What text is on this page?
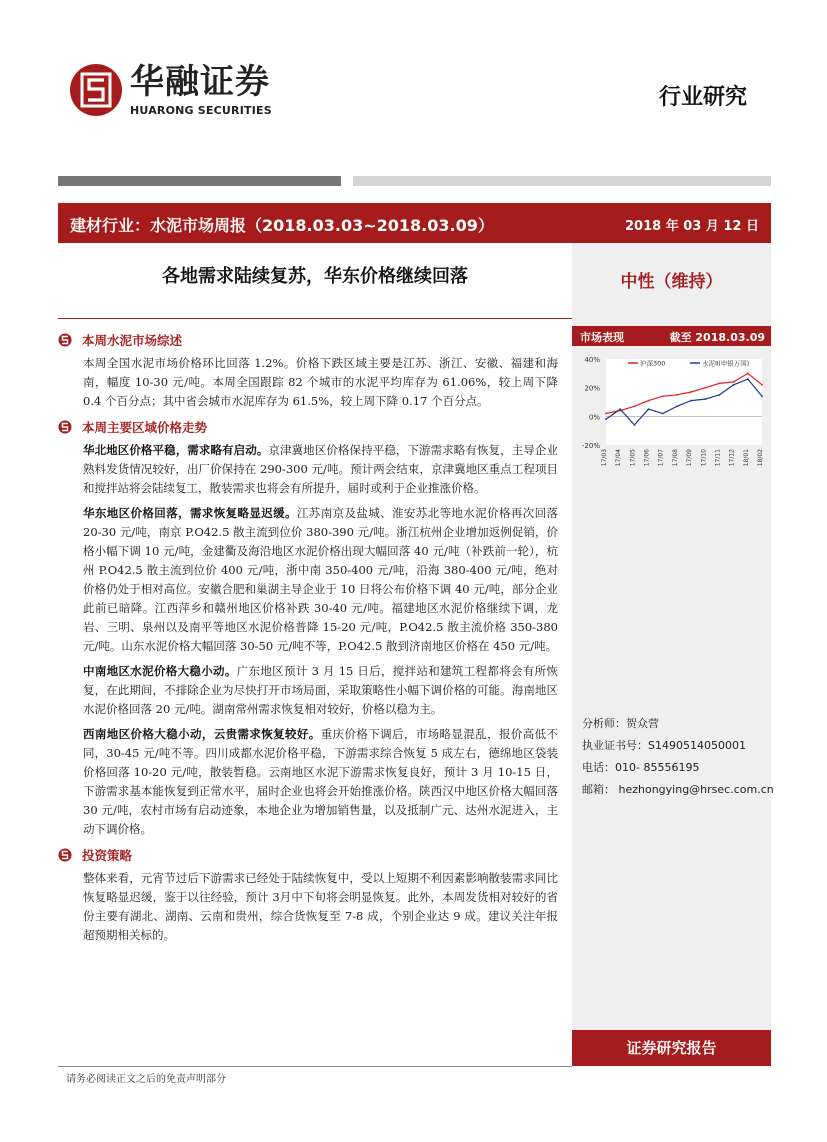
华融证券
HUARONG SECURITIES
行业研究
建材行业：水泥市场周报（2018.03.03~2018.03.09）	2018 年 03 月 12 日
各地需求陆续复苏，华东价格继续回落	中性（维持）
市场表现	截至 2018.03.09
40%
20%
0%
-20%
17/03 17/04 17/05 17/06 17/07 17/08 17/09 17/10 17/11 17/12 18/01 18/02
沪深300	水泥Ⅱ(申银万国)
分析师：贺众营
执业证书号：S1490514050001
电话：010- 85556195
邮箱： hezhongying@hrsec.com.cn
证券研究报告
本周水泥市场综述

本周全国水泥市场价格环比回落 1.2%。价格下跌区域主要是江苏、浙江、安徽、福建和海南，幅度 10-30 元/吨。本周全国跟踪 82 个城市的水泥平均库存为 61.06%，较上周下降 0.4 个百分点；其中省会城市水泥库存为 61.5%，较上周下降 0.17 个百分点。

本周主要区域价格走势

华北地区价格平稳，需求略有启动。京津冀地区价格保持平稳，下游需求略有恢复，主导企业熟料发货情况较好，出厂价保持在 290-300 元/吨。预计两会结束，京津冀地区重点工程项目和搅拌站将会陆续复工，散装需求也将会有所提升，届时或利于企业推涨价格。

华东地区价格回落，需求恢复略显迟缓。江苏南京及盐城、淮安苏北等地水泥价格再次回落 20-30 元/吨，南京 P.O42.5 散主流到位价 380-390 元/吨。浙江杭州企业增加返例促销，价格小幅下调 10 元/吨，金建衢及海沿地区水泥价格出现大幅回落 40 元/吨（补跌前一轮），杭州 P.O42.5 散主流到位价 400 元/吨，浙中南 350-400 元/吨，沿海 380-400 元/吨，绝对价格仍处于相对高位。安徽合肥和巢湖主导企业于 10 日将公布价格下调 40 元/吨，部分企业此前已暗降。江西萍乡和赣州地区价格补跌 30-40 元/吨。福建地区水泥价格继续下调，龙岩、三明、泉州以及南平等地区水泥价格普降 15-20 元/吨，P.O42.5 散主流价格 350-380 元/吨。山东水泥价格大幅回落 30-50 元/吨不等，P.O42.5 散到济南地区价格在 450 元/吨。

中南地区水泥价格大稳小动。广东地区预计 3 月 15 日后，搅拌站和建筑工程都将会有所恢复，在此期间，不排除企业为尽快打开市场局面，采取策略性小幅下调价格的可能。海南地区水泥价格回落 20 元/吨。湖南常州需求恢复相对较好，价格以稳为主。

西南地区价格大稳小动，云贵需求恢复较好。重庆价格下调后，市场略显混乱，报价高低不同，30-45 元/吨不等。四川成都水泥价格平稳，下游需求综合恢复 5 成左右，德绵地区袋装价格回落 10-20 元/吨，散装暂稳。云南地区水泥下游需求恢复良好，预计 3 月 10-15 日，下游需求基本能恢复到正常水平，届时企业也将会开始推涨价格。陕西汉中地区价格大幅回落 30 元/吨，农村市场有启动迹象，本地企业为增加销售量，以及抵制广元、达州水泥进入，主动下调价格。

投资策略

整体来看，元宵节过后下游需求已经处于陆续恢复中，受以上短期不利因素影响散装需求同比恢复略显迟缓，鉴于以往经验，预计 3月中下旬将会明显恢复。此外，本周发货相对较好的省份主要有湖北、湖南、云南和贵州，综合货恢复至 7-8 成，个别企业达 9 成。建议关注年报超预期相关标的。

请务必阅读正文之后的免责声明部分
